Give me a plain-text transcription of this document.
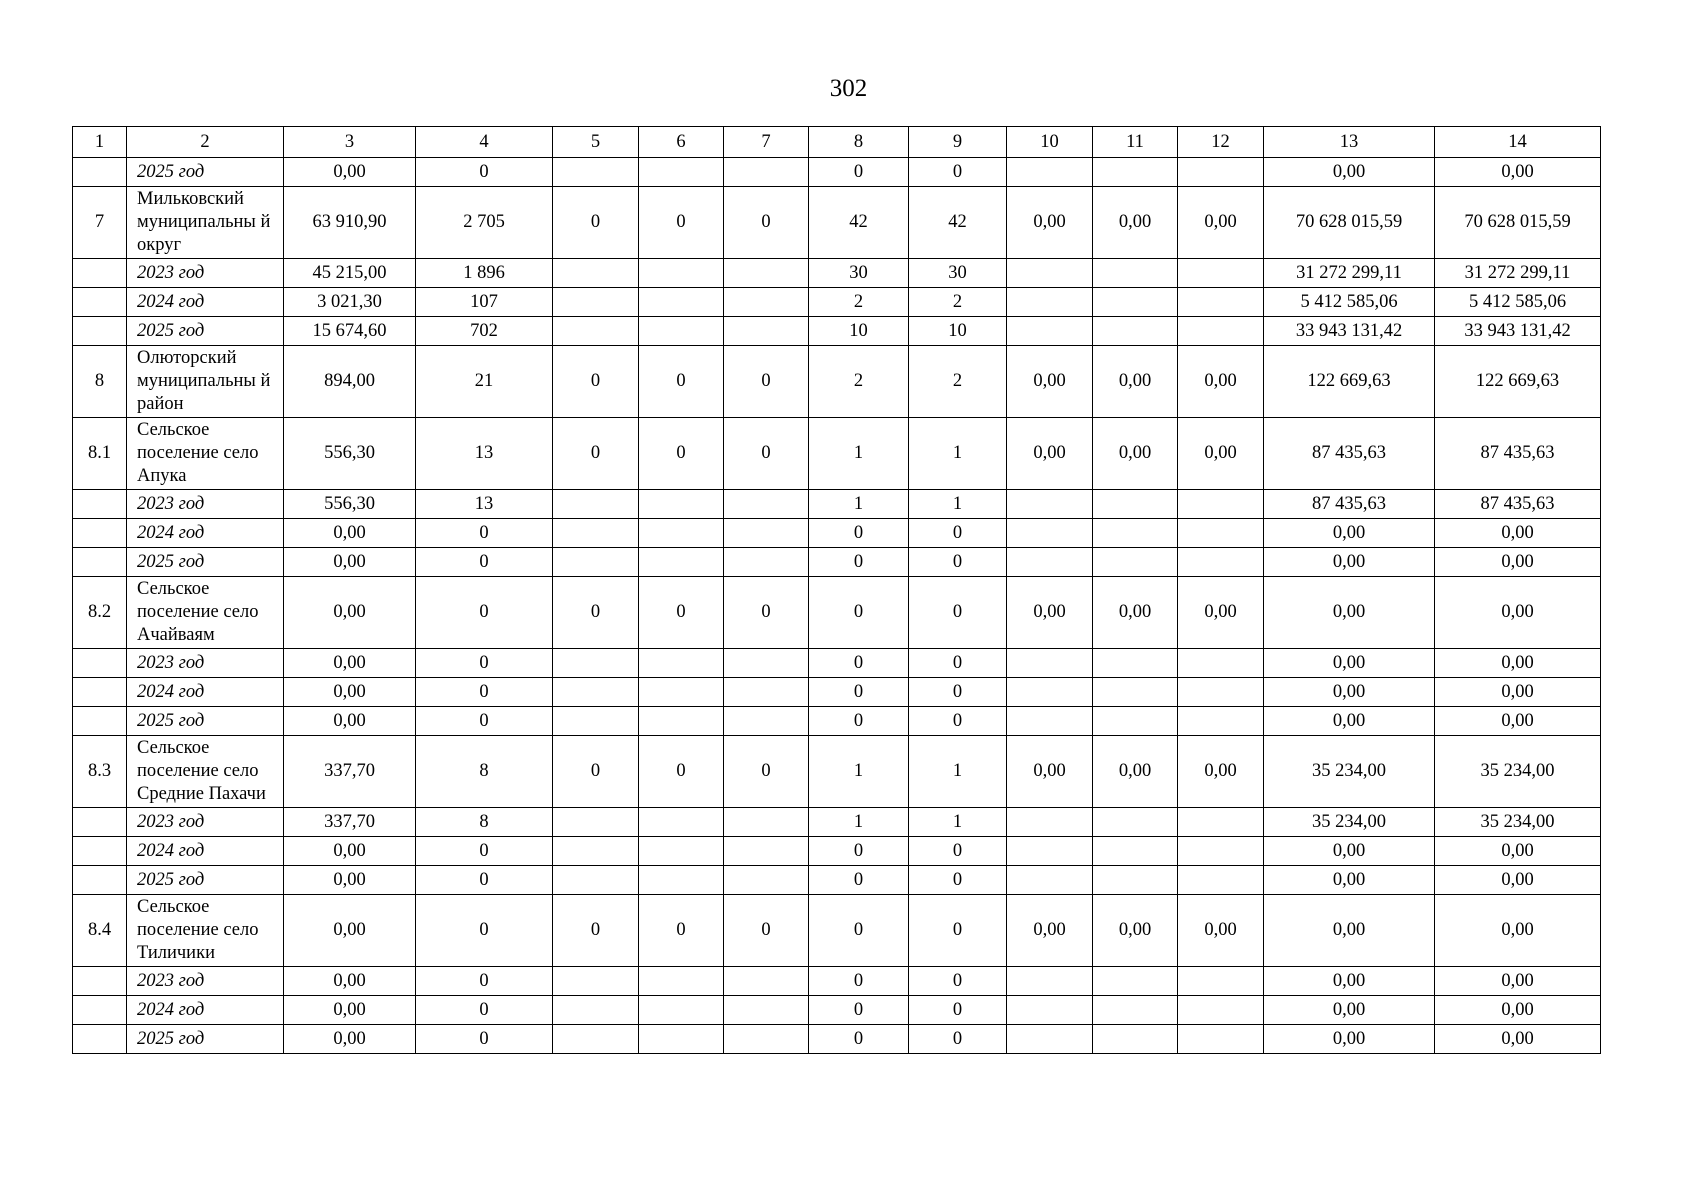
302
1	2	3	4	5	6	7	8	9	10	11	12	13	14
	2025 год	0,00	0				0	0				0,00	0,00
7	Мильковский муниципальны й округ	63 910,90	2 705	0	0	0	42	42	0,00	0,00	0,00	70 628 015,59	70 628 015,59
	2023 год	45 215,00	1 896				30	30				31 272 299,11	31 272 299,11
	2024 год	3 021,30	107				2	2				5 412 585,06	5 412 585,06
	2025 год	15 674,60	702				10	10				33 943 131,42	33 943 131,42
8	Олюторский муниципальны й район	894,00	21	0	0	0	2	2	0,00	0,00	0,00	122 669,63	122 669,63
8.1	Сельское поселение село Апука	556,30	13	0	0	0	1	1	0,00	0,00	0,00	87 435,63	87 435,63
	2023 год	556,30	13				1	1				87 435,63	87 435,63
	2024 год	0,00	0				0	0				0,00	0,00
	2025 год	0,00	0				0	0				0,00	0,00
8.2	Сельское поселение село Ачайваям	0,00	0	0	0	0	0	0	0,00	0,00	0,00	0,00	0,00
	2023 год	0,00	0				0	0				0,00	0,00
	2024 год	0,00	0				0	0				0,00	0,00
	2025 год	0,00	0				0	0				0,00	0,00
8.3	Сельское поселение село Средние Пахачи	337,70	8	0	0	0	1	1	0,00	0,00	0,00	35 234,00	35 234,00
	2023 год	337,70	8				1	1				35 234,00	35 234,00
	2024 год	0,00	0				0	0				0,00	0,00
	2025 год	0,00	0				0	0				0,00	0,00
8.4	Сельское поселение село Тиличики	0,00	0	0	0	0	0	0	0,00	0,00	0,00	0,00	0,00
	2023 год	0,00	0				0	0				0,00	0,00
	2024 год	0,00	0				0	0				0,00	0,00
	2025 год	0,00	0				0	0				0,00	0,00
